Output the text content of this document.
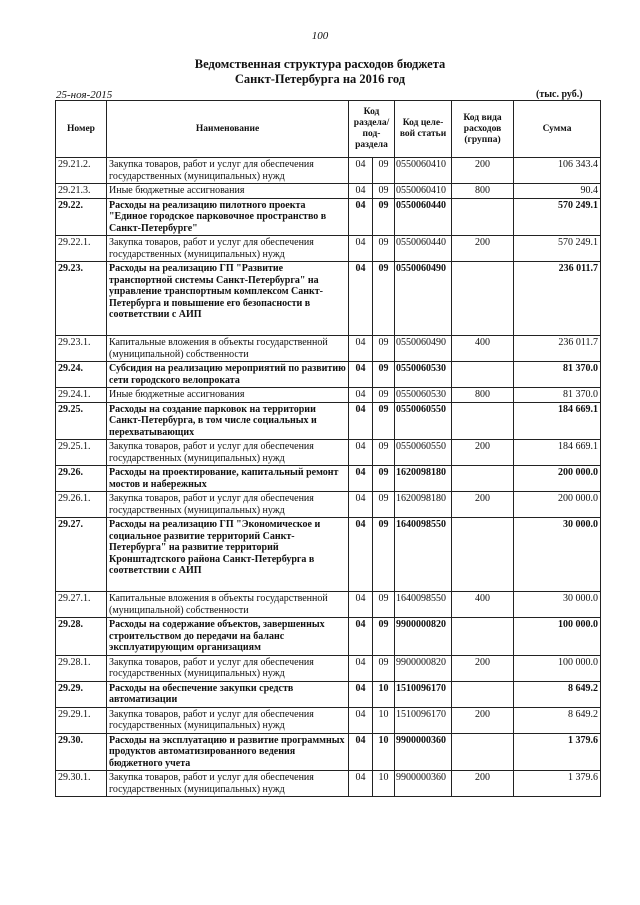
100
Ведомственная структура расходов бюджета
Санкт-Петербурга на 2016 год
25-ноя-2015	(тыс. руб.)
Номер	Наименование	Код раздела/ под- раздела		Код целе- вой статьи	Код вида расходов (группа)	Сумма
29.21.2.	Закупка товаров, работ и услуг для обеспечения государственных (муниципальных) нужд	04	09	0550060410	200	106 343.4
29.21.3.	Иные бюджетные ассигнования	04	09	0550060410	800	90.4
29.22.	Расходы на реализацию пилотного проекта "Единое городское парковочное пространство в Санкт-Петербурге"	04	09	0550060440		570 249.1
29.22.1.	Закупка товаров, работ и услуг для обеспечения государственных (муниципальных) нужд	04	09	0550060440	200	570 249.1
29.23.	Расходы на реализацию ГП "Развитие транспортной системы Санкт-Петербурга" на управление транспортным комплексом Санкт-Петербурга и повышение его безопасности в соответствии с АИП	04	09	0550060490		236 011.7
29.23.1.	Капитальные вложения в объекты государственной (муниципальной) собственности	04	09	0550060490	400	236 011.7
29.24.	Субсидия на реализацию мероприятий по развитию сети городского велопроката	04	09	0550060530		81 370.0
29.24.1.	Иные бюджетные ассигнования	04	09	0550060530	800	81 370.0
29.25.	Расходы на создание парковок на территории Санкт-Петербурга, в том числе социальных и перехватывающих	04	09	0550060550		184 669.1
29.25.1.	Закупка товаров, работ и услуг для обеспечения государственных (муниципальных) нужд	04	09	0550060550	200	184 669.1
29.26.	Расходы на проектирование, капитальный ремонт мостов и набережных	04	09	1620098180		200 000.0
29.26.1.	Закупка товаров, работ и услуг для обеспечения государственных (муниципальных) нужд	04	09	1620098180	200	200 000.0
29.27.	Расходы на реализацию ГП "Экономическое и социальное развитие территорий Санкт-Петербурга" на развитие территорий Кронштадтского района Санкт-Петербурга в соответствии с АИП	04	09	1640098550		30 000.0
29.27.1.	Капитальные вложения в объекты государственной (муниципальной) собственности	04	09	1640098550	400	30 000.0
29.28.	Расходы на содержание объектов, завершенных строительством до передачи на баланс эксплуатирующим организациям	04	09	9900000820		100 000.0
29.28.1.	Закупка товаров, работ и услуг для обеспечения государственных (муниципальных) нужд	04	09	9900000820	200	100 000.0
29.29.	Расходы на обеспечение закупки средств автоматизации	04	10	1510096170		8 649.2
29.29.1.	Закупка товаров, работ и услуг для обеспечения государственных (муниципальных) нужд	04	10	1510096170	200	8 649.2
29.30.	Расходы на эксплуатацию и развитие программных продуктов автоматизированного ведения бюджетного учета	04	10	9900000360		1 379.6
29.30.1.	Закупка товаров, работ и услуг для обеспечения государственных (муниципальных) нужд	04	10	9900000360	200	1 379.6
